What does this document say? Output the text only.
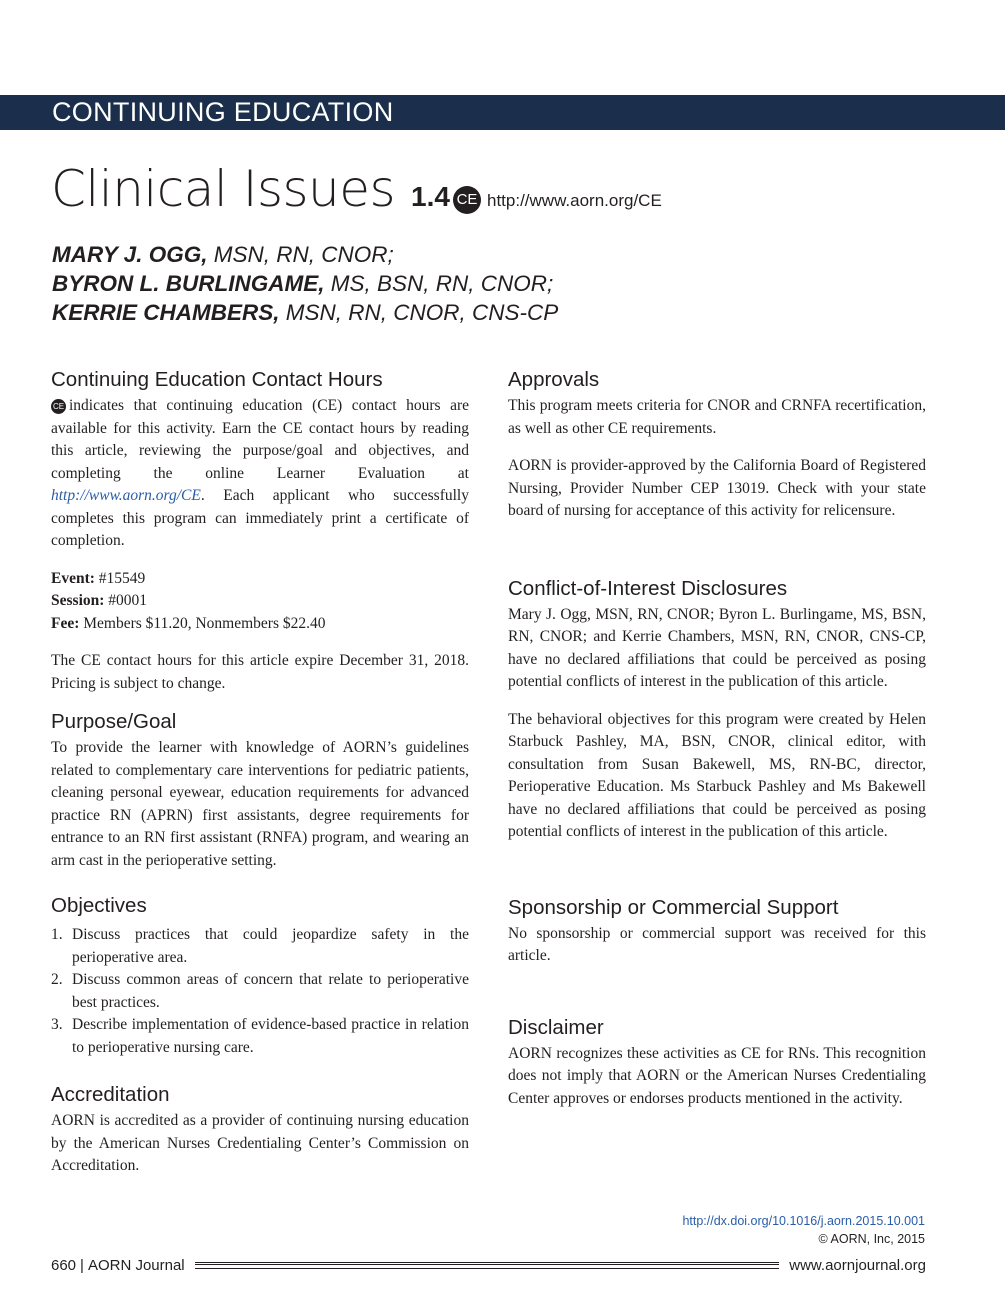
CONTINUING EDUCATION
Clinical Issues 1.4 CE http://www.aorn.org/CE
MARY J. OGG, MSN, RN, CNOR;
BYRON L. BURLINGAME, MS, BSN, RN, CNOR;
KERRIE CHAMBERS, MSN, RN, CNOR, CNS-CP
Continuing Education Contact Hours

CE indicates that continuing education (CE) contact hours are available for this activity. Earn the CE contact hours by reading this article, reviewing the purpose/goal and objectives, and completing the online Learner Evaluation at http://www.aorn.org/CE. Each applicant who successfully completes this program can immediately print a certificate of completion.

Event: #15549
Session: #0001
Fee: Members $11.20, Nonmembers $22.40

The CE contact hours for this article expire December 31, 2018. Pricing is subject to change.

Purpose/Goal

To provide the learner with knowledge of AORN’s guidelines related to complementary care interventions for pediatric patients, cleaning personal eyewear, education requirements for advanced practice RN (APRN) first assistants, degree requirements for entrance to an RN first assistant (RNFA) program, and wearing an arm cast in the perioperative setting.

Objectives
1. Discuss practices that could jeopardize safety in the perioperative area.
2. Discuss common areas of concern that relate to perioperative best practices.
3. Describe implementation of evidence-based practice in relation to perioperative nursing care.
Accreditation

AORN is accredited as a provider of continuing nursing education by the American Nurses Credentialing Center’s Commission on Accreditation.

Approvals

This program meets criteria for CNOR and CRNFA recertification, as well as other CE requirements.

AORN is provider-approved by the California Board of Registered Nursing, Provider Number CEP 13019. Check with your state board of nursing for acceptance of this activity for relicensure.

Conflict-of-Interest Disclosures

Mary J. Ogg, MSN, RN, CNOR; Byron L. Burlingame, MS, BSN, RN, CNOR; and Kerrie Chambers, MSN, RN, CNOR, CNS-CP, have no declared affiliations that could be perceived as posing potential conflicts of interest in the publication of this article.

The behavioral objectives for this program were created by Helen Starbuck Pashley, MA, BSN, CNOR, clinical editor, with consultation from Susan Bakewell, MS, RN-BC, director, Perioperative Education. Ms Starbuck Pashley and Ms Bakewell have no declared affiliations that could be perceived as posing potential conflicts of interest in the publication of this article.

Sponsorship or Commercial Support

No sponsorship or commercial support was received for this article.

Disclaimer

AORN recognizes these activities as CE for RNs. This recognition does not imply that AORN or the American Nurses Credentialing Center approves or endorses products mentioned in the activity.

http://dx.doi.org/10.1016/j.aorn.2015.10.001
© AORN, Inc, 2015
660 | AORN Journal	www.aornjournal.org
